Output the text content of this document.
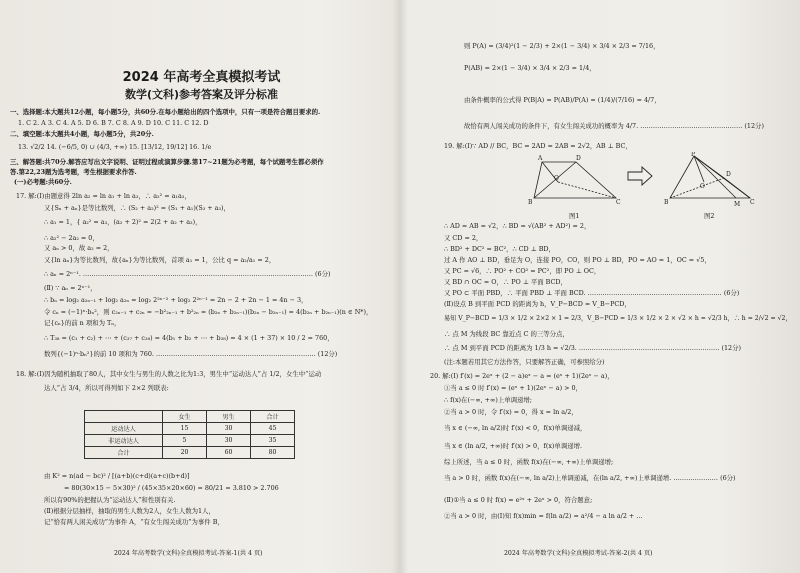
2024 年高考全真模拟考试
数学(文科)参考答案及评分标准
一、选择题:本大题共12小题，每小题5分，共60分.在每小题给出的四个选项中，只有一项是符合题目要求的.
1. C 2. A 3. C 4. A 5. D 6. B 7. C 8. A 9. D 10. C 11. C 12. D
二、填空题:本大题共4小题，每小题5分，共20分.
13. √2/2 14. (−6/5, 0) ∪ (4/3, +∞) 15. [13/12, 19/12] 16. 1/e
三、解答题:共70分.解答应写出文字说明、证明过程或演算步骤.第17~21题为必考题，每个试题考生都必须作
答.第22,23题为选考题，考生根据要求作答.
(一)必考题:共60分.
17. 解:(Ⅰ)由题意得 2ln a₂ = ln a₁ + ln a₃，∴ a₂² = a₁a₃，
又{Sₙ + aₙ}是等比数列，∴ (S₂ + a₂)² = (S₁ + a₁)(S₃ + a₃)，
∴ a₁ = 1，{ a₂² = a₃，(a₂ + 2)² = 2(2 + a₂ + a₃)，
∴ a₂² − 2a₂ = 0，
又 aₙ > 0，故 a₂ = 2，
又{ln aₙ}为等比数列，故{aₙ}为等比数列，首项 a₁ = 1，公比 q = a₂/a₁ = 2，
∴ aₙ = 2ⁿ⁻¹. ……………………………………………………………………………………………… (6分)
(Ⅱ) ∵ aₙ = 2ⁿ⁻¹，
∴ bₙ = log₂ a₂ₙ₋₁ + log₂ a₂ₙ = log₂ 2²ⁿ⁻² + log₂ 2²ⁿ⁻¹ = 2n − 2 + 2n − 1 = 4n − 3，
令 cₙ = (−1)ⁿ·bₙ²，则 c₂ₙ₋₁ + c₂ₙ = −b²₂ₙ₋₁ + b²₂ₙ = (b₂ₙ + b₂ₙ₋₁)(b₂ₙ − b₂ₙ₋₁) = 4(b₂ₙ + b₂ₙ₋₁)(n ∈ N*)，
记{cₙ}的前 n 项和为 Tₙ，
∴ T₃₈ = (c₁ + c₂) + ⋯ + (c₃₇ + c₃₈) = 4(b₁ + b₂ + ⋯ + b₃₈) = 4 × (1 + 37) × 10 / 2 = 760，
数列{(−1)ⁿ·bₙ²}的前 10 项和为 760. ………………………………………………………………… (12分)
18. 解:(Ⅰ)因为随机抽取了80人，其中女生与男生的人数之比为1:3，男生中“运动达人”占 1/2，女生中“运动
达人”占 3/4，所以可得列如下 2×2 列联表:
	女生	男生	合计
运动达人	15	30	45
非运动达人	5	30	35
合计	20	60	80
由 K² = n(ad − bc)² / [(a+b)(c+d)(a+c)(b+d)]
= 80(30×15 − 5×30)² / (45×35×20×60) = 80/21 ≈ 3.810 > 2.706
所以有90%的把握认为“运动达人”和性别有关.
(Ⅱ)根据分层抽样，抽取的男生人数为2人，女生人数为1人，
记“恰有两人闲关成功”为事件 A，“有女生闯关成功”为事件 B，
2024 年高考数学(文科)全真模拟考试-答案-1(共 4 页)
则 P(A) = (3/4)²(1 − 2/3) + 2×(1 − 3/4) × 3/4 × 2/3 = 7/16，
P(AB) = 2×(1 − 3/4) × 3/4 × 2/3 = 1/4，
由条件概率的公式得 P(B|A) = P(AB)/P(A) = (1/4)/(7/16) = 4/7，
故恰有两人闯关成功的条件下，有女生闯关成功的概率为 4/7. ………………………………………… (12分)
19. 解:(Ⅰ)∵ AD // BC，BC = 2AD = 2AB = 2√2，AB ⊥ BC，
A	D
B	C
O
P
B	C
D
O
M
图1	图2
∴ AD = AB = √2，∴ BD = √(AB² + AD²) = 2，
又 CD = 2，
∴ BD² + DC² = BC²，∴ CD ⊥ BD，
过 A 作 AO ⊥ BD，垂足为 O，连接 PO，CO，则 PO ⊥ BD，PO = AO = 1，OC = √5，
又 PC = √6，∴ PO² + CO² = PC²，即 PO ⊥ OC，
又 BD ∩ OC = O，∴ PO ⊥ 平面 BCD，
又 PO ⊂ 平面 PBD，∴ 平面 PBD ⊥ 平面 BCD. ……………………………………………………… (6分)
(Ⅱ)设点 B 到平面 PCD 的距离为 h，V_P−BCD = V_B−PCD，
易知 V_P−BCD = 1/3 × 1/2 × 2×2 × 1 = 2/3，V_B−PCD = 1/3 × 1/2 × 2 × √2 × h = √2/3 h，∴ h = 2/√2 = √2，
∴ 点 M 为线段 BC 靠近点 C 的三等分点，
∴ 点 M 到平面 PCD 的距离为 1/3 h = √2/3. ………………………………………………………… (12分)
(注:本题若用其它方法作答，只要解答正确，可参照给分)
20. 解:(Ⅰ) f′(x) = 2eˣ + (2 − a)eˣ − a = (eˣ + 1)(2eˣ − a)，
①当 a ≤ 0 时 f′(x) = (eˣ + 1)(2eˣ − a) > 0，
∴ f(x)在(−∞, +∞)上单调递增;
②当 a > 0 时，令 f′(x) = 0，得 x = ln a/2，
当 x ∈ (−∞, ln a/2)时 f′(x) < 0，f(x)单调递减，
当 x ∈ (ln a/2, +∞)时 f′(x) > 0，f(x)单调递增.
综上所述，当 a ≤ 0 时，函数 f(x)在(−∞, +∞)上单调递增;
当 a > 0 时，函数 f(x)在(−∞, ln a/2)上单调递减，在(ln a/2, +∞)上单调递增. ………………… (6分)
(Ⅱ)①当 a ≤ 0 时 f(x) = e²ˣ + 2eˣ > 0，符合题意;
②当 a > 0 时，由(Ⅰ)知 f(x)min = f(ln a/2) = a²/4 − a ln a/2 + ...
2024 年高考数学(文科)全真模拟考试-答案-2(共 4 页)
